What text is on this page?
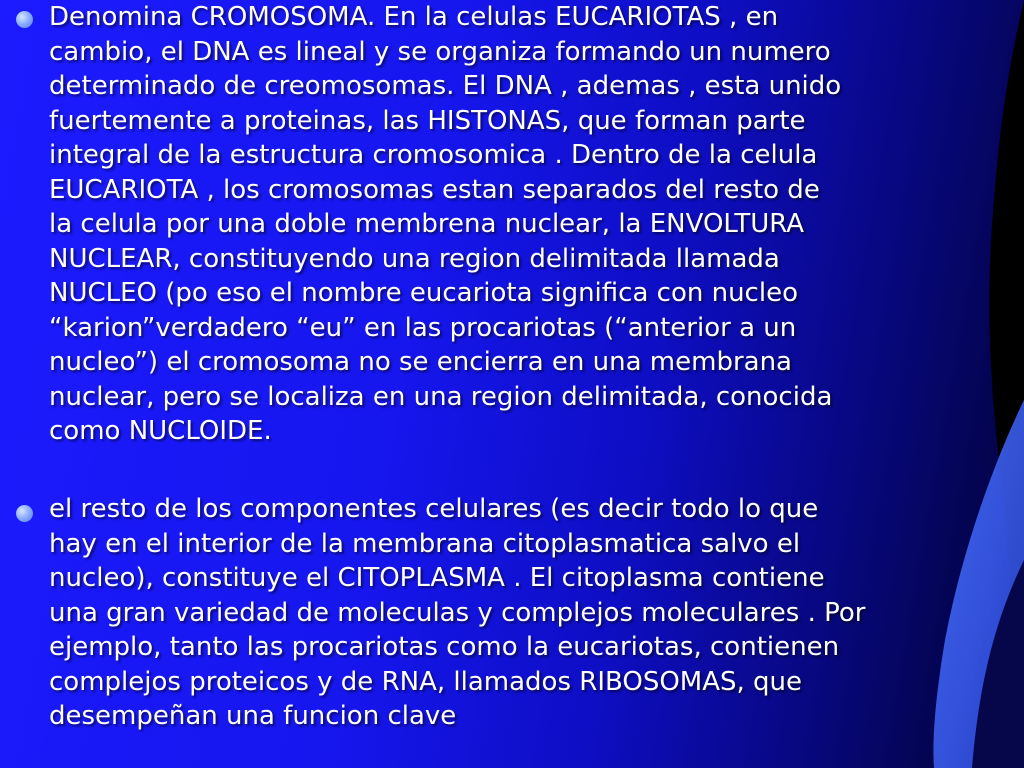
Denomina CROMOSOMA. En la celulas EUCARIOTAS , en
cambio, el DNA es lineal y se organiza formando un numero
determinado de creomosomas. El DNA , ademas , esta unido
fuertemente a proteinas, las HISTONAS, que forman parte
integral de la estructura cromosomica . Dentro de la celula
EUCARIOTA , los cromosomas estan separados del resto de
la celula por una doble membrena nuclear, la ENVOLTURA
NUCLEAR, constituyendo una region delimitada llamada
NUCLEO (po eso el nombre eucariota significa con nucleo
“karion”verdadero “eu” en las procariotas (“anterior a un
nucleo”) el cromosoma no se encierra en una membrana
nuclear, pero se localiza en una region delimitada, conocida
como NUCLOIDE.

el resto de los componentes celulares (es decir todo lo que
hay en el interior de la membrana citoplasmatica salvo el
nucleo), constituye el CITOPLASMA . El citoplasma contiene
una gran variedad de moleculas y complejos moleculares . Por
ejemplo, tanto las procariotas como la eucariotas, contienen
complejos proteicos y de RNA, llamados RIBOSOMAS, que
desempeñan una funcion clave
